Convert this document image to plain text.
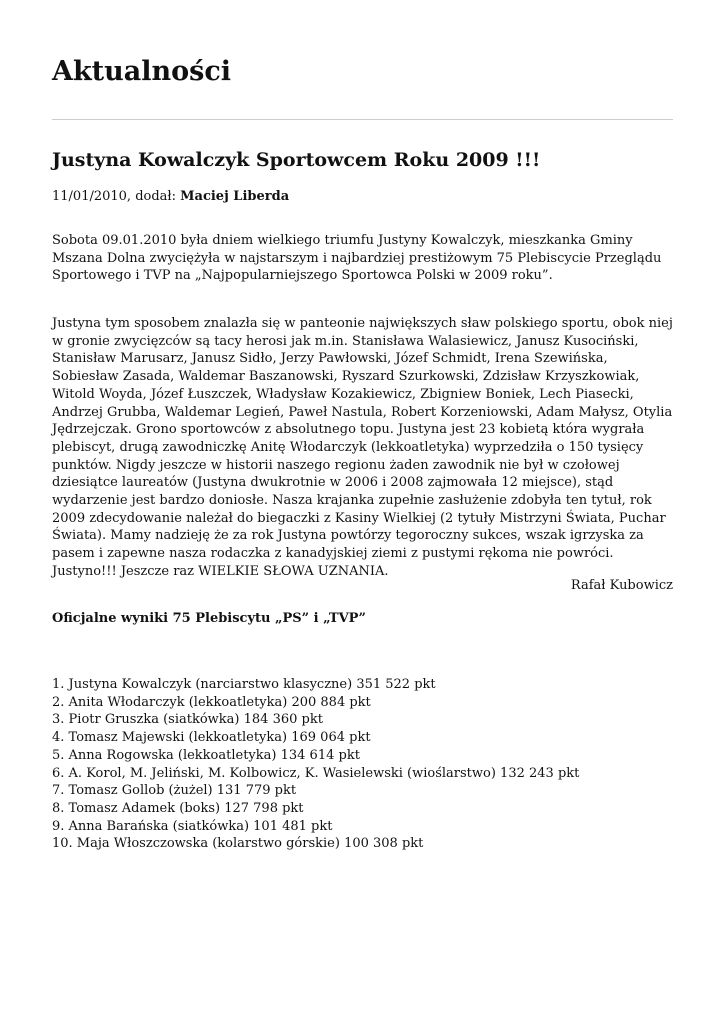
Aktualności
Justyna Kowalczyk Sportowcem Roku 2009 !!!
11/01/2010, dodał: Maciej Liberda

Sobota 09.01.2010 była dniem wielkiego triumfu Justyny Kowalczyk, mieszkanka Gminy Mszana Dolna zwyciężyła w najstarszym i najbardziej prestiżowym 75 Plebiscycie Przeglądu Sportowego i TVP na „Najpopularniejszego Sportowca Polski w 2009 roku”.

Justyna tym sposobem znalazła się w panteonie największych sław polskiego sportu, obok niej w gronie zwycięzców są tacy herosi jak m.in. Stanisława Walasiewicz, Janusz Kusociński, Stanisław Marusarz, Janusz Sidło, Jerzy Pawłowski, Józef Schmidt, Irena Szewińska, Sobiesław Zasada, Waldemar Baszanowski, Ryszard Szurkowski, Zdzisław Krzyszkowiak, Witold Woyda, Józef Łuszczek, Władysław Kozakiewicz, Zbigniew Boniek, Lech Piasecki, Andrzej Grubba, Waldemar Legień, Paweł Nastula, Robert Korzeniowski, Adam Małysz, Otylia Jędrzejczak. Grono sportowców z absolutnego topu. Justyna jest 23 kobietą która wygrała plebiscyt, drugą zawodniczkę Anitę Włodarczyk (lekkoatletyka) wyprzedziła o 150 tysięcy punktów. Nigdy jeszcze w historii naszego regionu żaden zawodnik nie był w czołowej dziesiątce laureatów (Justyna dwukrotnie w 2006 i 2008 zajmowała 12 miejsce), stąd wydarzenie jest bardzo doniosłe. Nasza krajanka zupełnie zasłużenie zdobyła ten tytuł, rok 2009 zdecydowanie należał do biegaczki z Kasiny Wielkiej (2 tytuły Mistrzyni Świata, Puchar Świata). Mamy nadzieję że za rok Justyna powtórzy tegoroczny sukces, wszak igrzyska za pasem i zapewne nasza rodaczka z kanadyjskiej ziemi z pustymi rękoma nie powróci. Justyno!!! Jeszcze raz WIELKIE SŁOWA UZNANIA.

Rafał Kubowicz
Oficjalne wyniki 75 Plebiscytu „PS” i „TVP”
1. Justyna Kowalczyk (narciarstwo klasyczne) 351 522 pkt
2. Anita Włodarczyk (lekkoatletyka) 200 884 pkt
3. Piotr Gruszka (siatkówka) 184 360 pkt
4. Tomasz Majewski (lekkoatletyka) 169 064 pkt
5. Anna Rogowska (lekkoatletyka) 134 614 pkt
6. A. Korol, M. Jeliński, M. Kolbowicz, K. Wasielewski (wioślarstwo) 132 243 pkt
7. Tomasz Gollob (żużel) 131 779 pkt
8. Tomasz Adamek (boks) 127 798 pkt
9. Anna Barańska (siatkówka) 101 481 pkt
10. Maja Włoszczowska (kolarstwo górskie) 100 308 pkt
